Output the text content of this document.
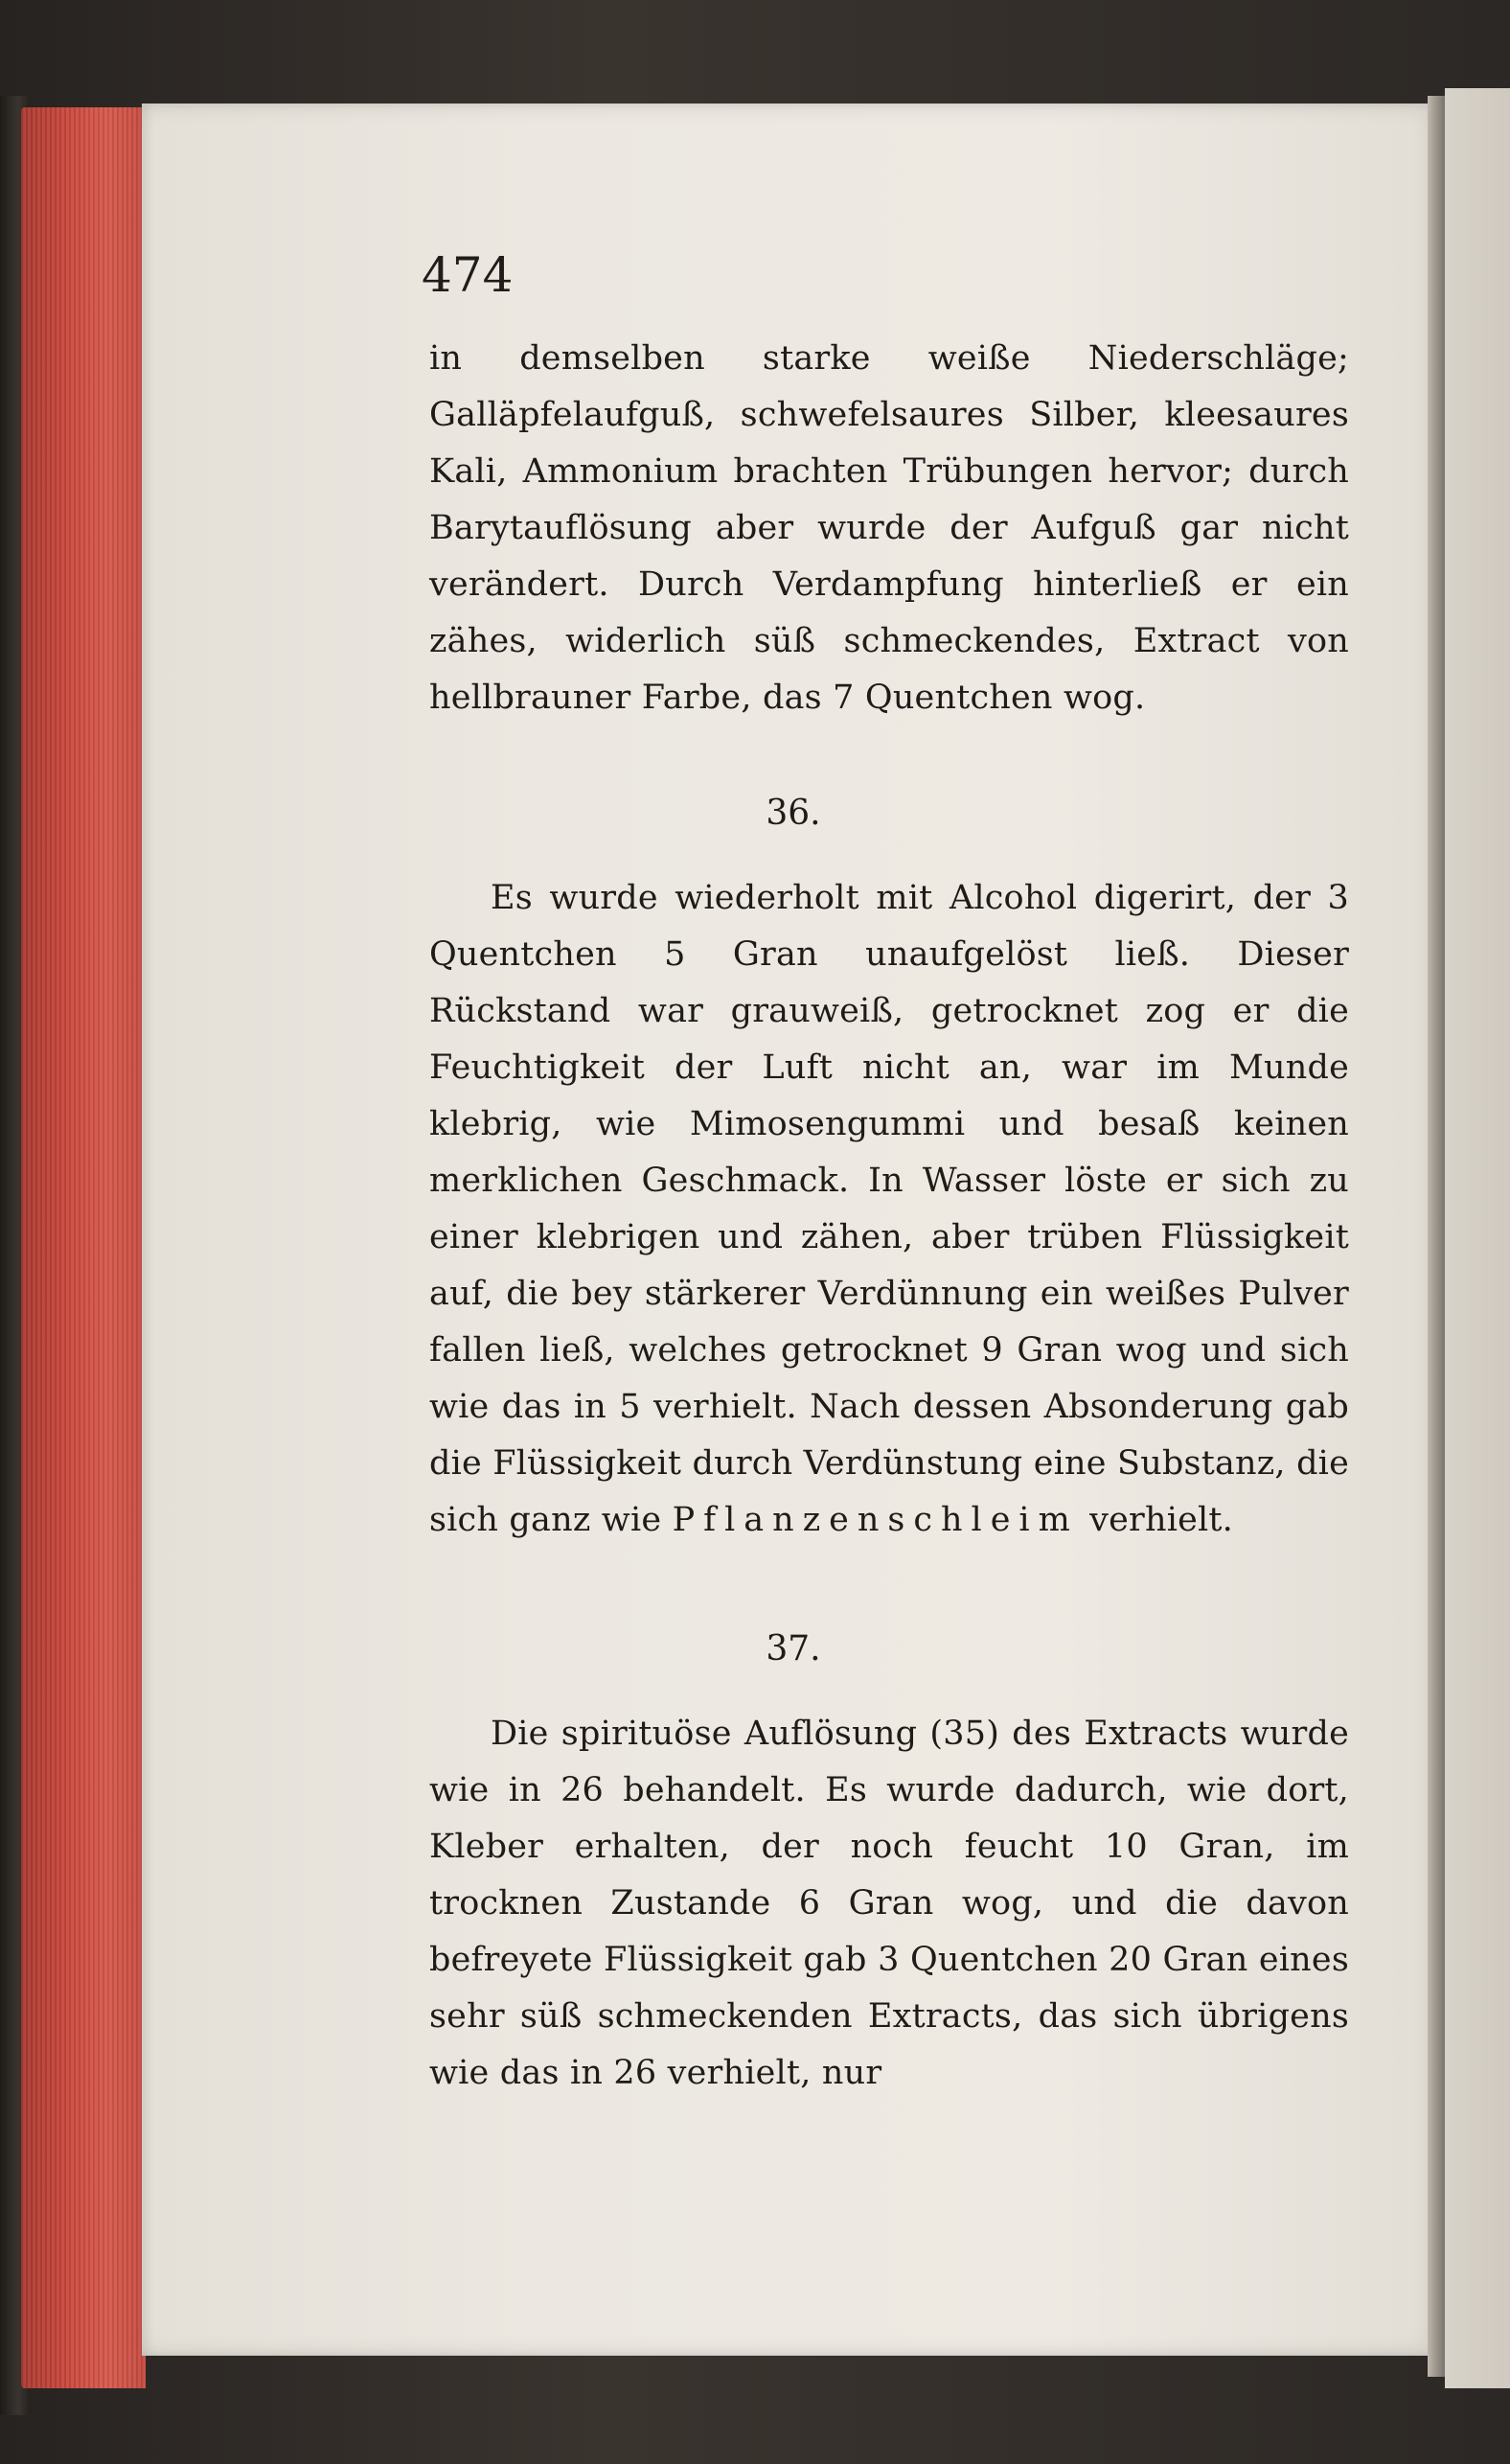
474

in demselben starke weiße Niederschläge; Galläpfelaufguß, schwefelsaures Silber, kleesaures Kali, Ammonium brachten Trübungen hervor; durch Barytauflösung aber wurde der Aufguß gar nicht verändert. Durch Verdampfung hinterließ er ein zähes, widerlich süß schmeckendes, Extract von hellbrauner Farbe, das 7 Quentchen wog.

36.

Es wurde wiederholt mit Alcohol digerirt, der 3 Quentchen 5 Gran unaufgelöst ließ. Dieser Rückstand war grauweiß, getrocknet zog er die Feuchtigkeit der Luft nicht an, war im Munde klebrig, wie Mimosengummi und besaß keinen merklichen Geschmack. In Wasser löste er sich zu einer klebrigen und zähen, aber trüben Flüssigkeit auf, die bey stärkerer Verdünnung ein weißes Pulver fallen ließ, welches getrocknet 9 Gran wog und sich wie das in 5 verhielt. Nach dessen Absonderung gab die Flüssigkeit durch Verdünstung eine Substanz, die sich ganz wie Pflanzenschleim verhielt.

37.

Die spirituöse Auflösung (35) des Extracts wurde wie in 26 behandelt. Es wurde dadurch, wie dort, Kleber erhalten, der noch feucht 10 Gran, im trocknen Zustande 6 Gran wog, und die davon befreyete Flüssigkeit gab 3 Quentchen 20 Gran eines sehr süß schmeckenden Extracts, das sich übrigens wie das in 26 verhielt, nur
